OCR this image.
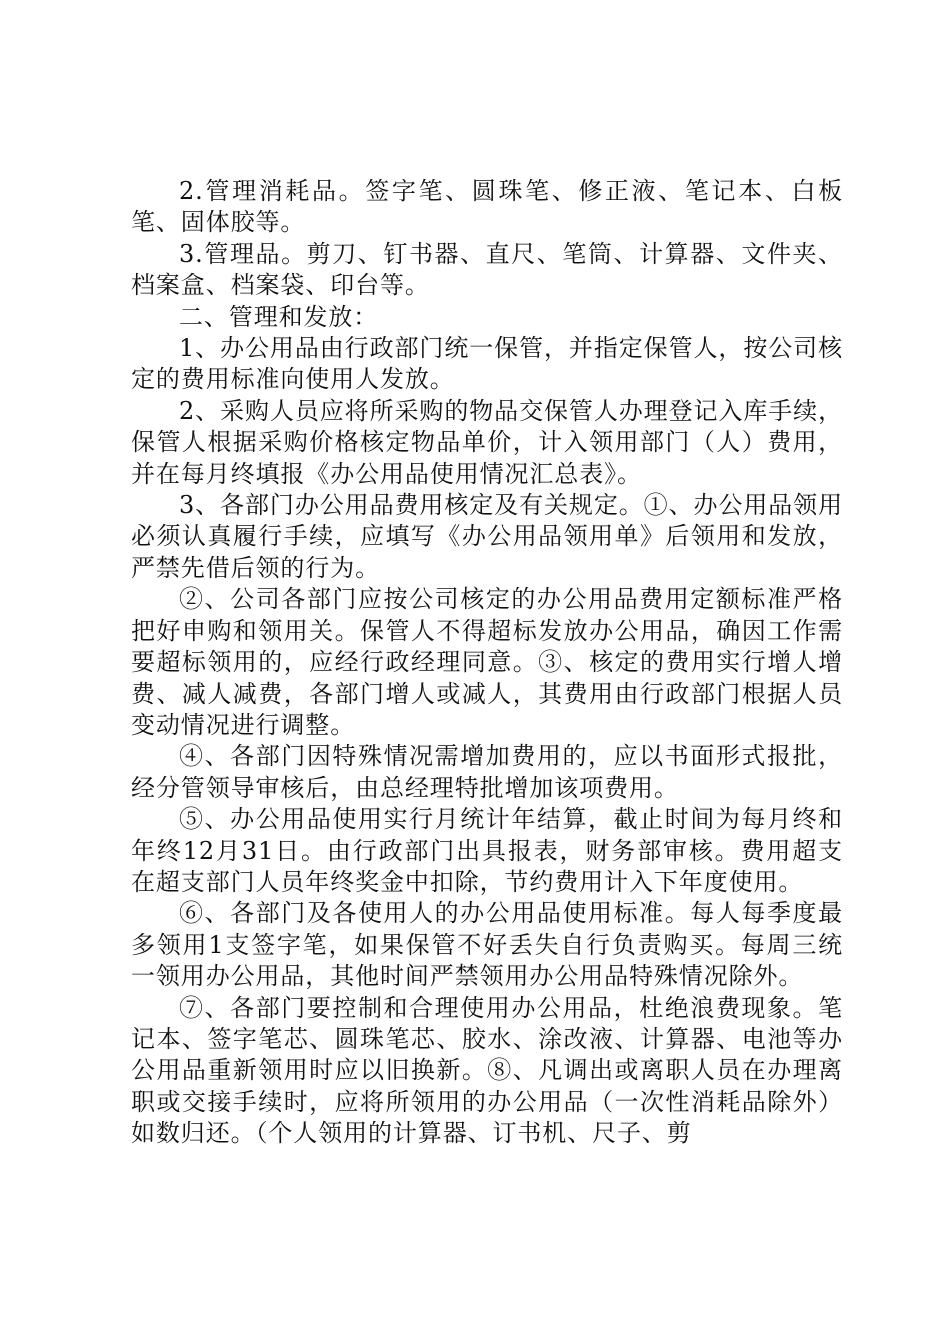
2.管理消耗品。签字笔、圆珠笔、修正液、笔记本、白板笔、固体胶等。

3.管理品。剪刀、钉书器、直尺、笔筒、计算器、文件夹、档案盒、档案袋、印台等。

二、管理和发放：

1、办公用品由行政部门统一保管，并指定保管人，按公司核定的费用标准向使用人发放。

2、采购人员应将所采购的物品交保管人办理登记入库手续，保管人根据采购价格核定物品单价，计入领用部门（人）费用，并在每月终填报《办公用品使用情况汇总表》。

3、各部门办公用品费用核定及有关规定。①、办公用品领用必须认真履行手续，应填写《办公用品领用单》后领用和发放，严禁先借后领的行为。

②、公司各部门应按公司核定的办公用品费用定额标准严格把好申购和领用关。保管人不得超标发放办公用品，确因工作需要超标领用的，应经行政经理同意。③、核定的费用实行增人增费、减人减费，各部门增人或减人，其费用由行政部门根据人员变动情况进行调整。

④、各部门因特殊情况需增加费用的，应以书面形式报批，经分管领导审核后，由总经理特批增加该项费用。

⑤、办公用品使用实行月统计年结算，截止时间为每月终和年终12月31日。由行政部门出具报表，财务部审核。费用超支在超支部门人员年终奖金中扣除，节约费用计入下年度使用。

⑥、各部门及各使用人的办公用品使用标准。每人每季度最多领用1支签字笔，如果保管不好丢失自行负责购买。每周三统一领用办公用品，其他时间严禁领用办公用品特殊情况除外。

⑦、各部门要控制和合理使用办公用品，杜绝浪费现象。笔记本、签字笔芯、圆珠笔芯、胶水、涂改液、计算器、电池等办公用品重新领用时应以旧换新。⑧、凡调出或离职人员在办理离职或交接手续时，应将所领用的办公用品（一次性消耗品除外）如数归还。（个人领用的计算器、订书机、尺子、剪
